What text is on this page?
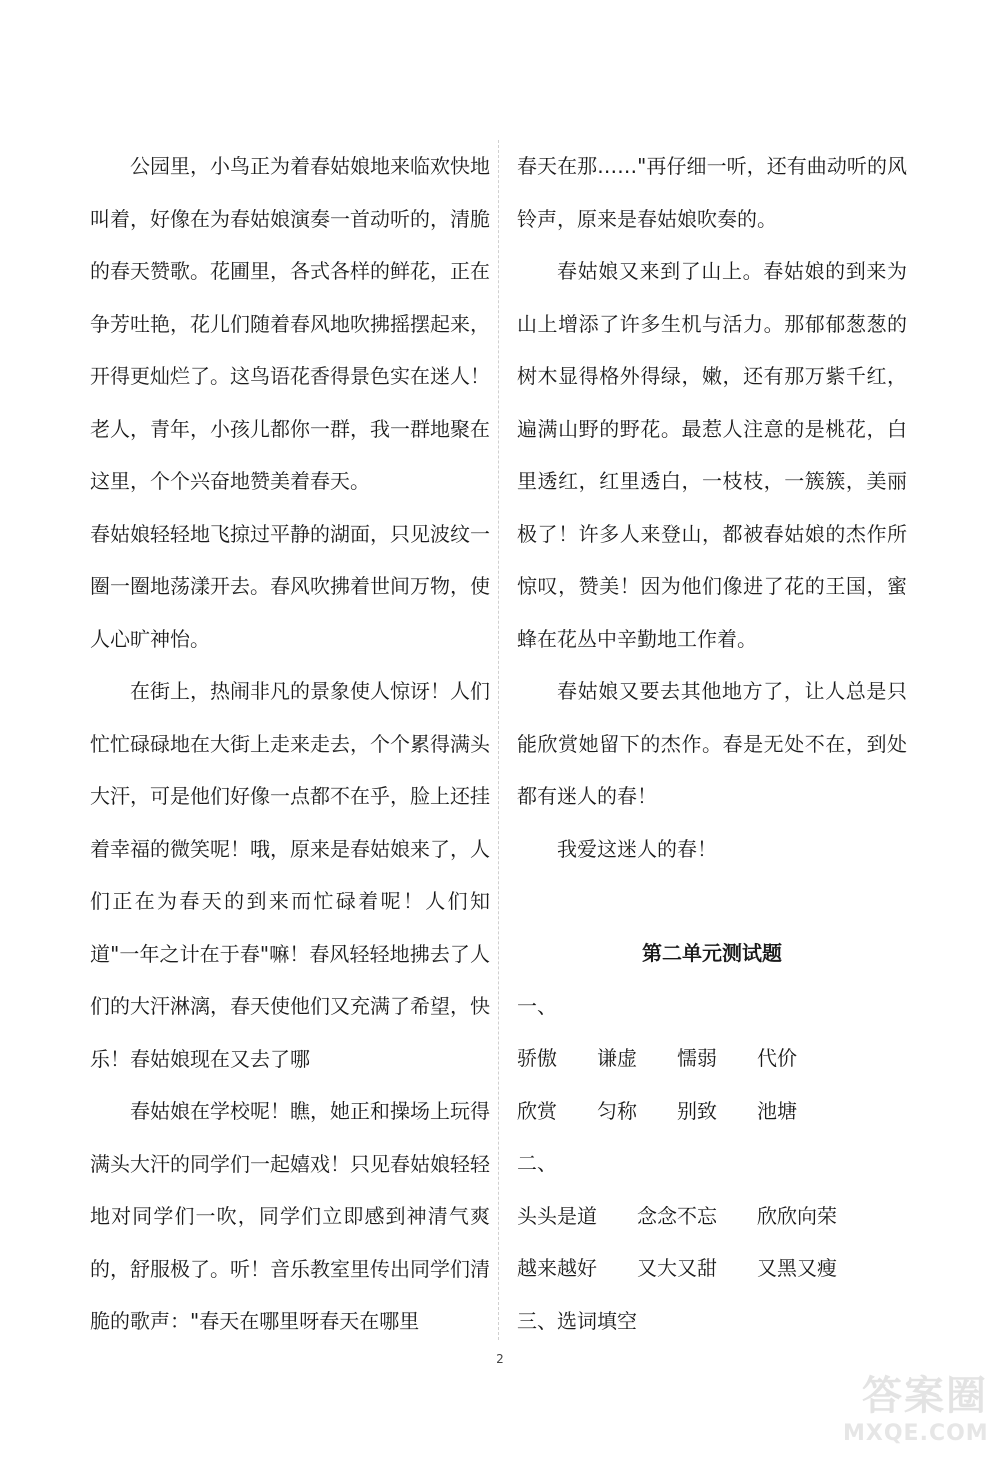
公园里，小鸟正为着春姑娘地来临欢快地叫着，好像在为春姑娘演奏一首动听的，清脆的春天赞歌。花圃里，各式各样的鲜花，正在争芳吐艳，花儿们随着春风地吹拂摇摆起来，开得更灿烂了。这鸟语花香得景色实在迷人！老人，青年，小孩儿都你一群，我一群地聚在这里，个个兴奋地赞美着春天。

春姑娘轻轻地飞掠过平静的湖面，只见波纹一圈一圈地荡漾开去。春风吹拂着世间万物，使人心旷神怡。

在街上，热闹非凡的景象使人惊讶！人们忙忙碌碌地在大街上走来走去，个个累得满头大汗，可是他们好像一点都不在乎，脸上还挂着幸福的微笑呢！哦，原来是春姑娘来了，人们正在为春天的到来而忙碌着呢！人们知道"一年之计在于春"嘛！春风轻轻地拂去了人们的大汗淋漓，春天使他们又充满了希望，快乐！春姑娘现在又去了哪

春姑娘在学校呢！瞧，她正和操场上玩得满头大汗的同学们一起嬉戏！只见春姑娘轻轻地对同学们一吹，同学们立即感到神清气爽的，舒服极了。听！音乐教室里传出同学们清脆的歌声："春天在哪里呀春天在哪里

春天在那……"再仔细一听，还有曲动听的风铃声，原来是春姑娘吹奏的。

春姑娘又来到了山上。春姑娘的到来为山上增添了许多生机与活力。那郁郁葱葱的树木显得格外得绿，嫩，还有那万紫千红，遍满山野的野花。最惹人注意的是桃花，白里透红，红里透白，一枝枝，一簇簇，美丽极了！许多人来登山，都被春姑娘的杰作所惊叹，赞美！因为他们像进了花的王国，蜜蜂在花丛中辛勤地工作着。

春姑娘又要去其他地方了，让人总是只能欣赏她留下的杰作。春是无处不在，到处都有迷人的春！

我爱这迷人的春！

第二单元测试题

一、

骄傲	谦虚	懦弱	代价
欣赏	匀称	别致	池塘

二、

头头是道	念念不忘	欣欣向荣
越来越好	又大又甜	又黑又瘦

三、选词填空

2
答案圈
MXQE.COM
